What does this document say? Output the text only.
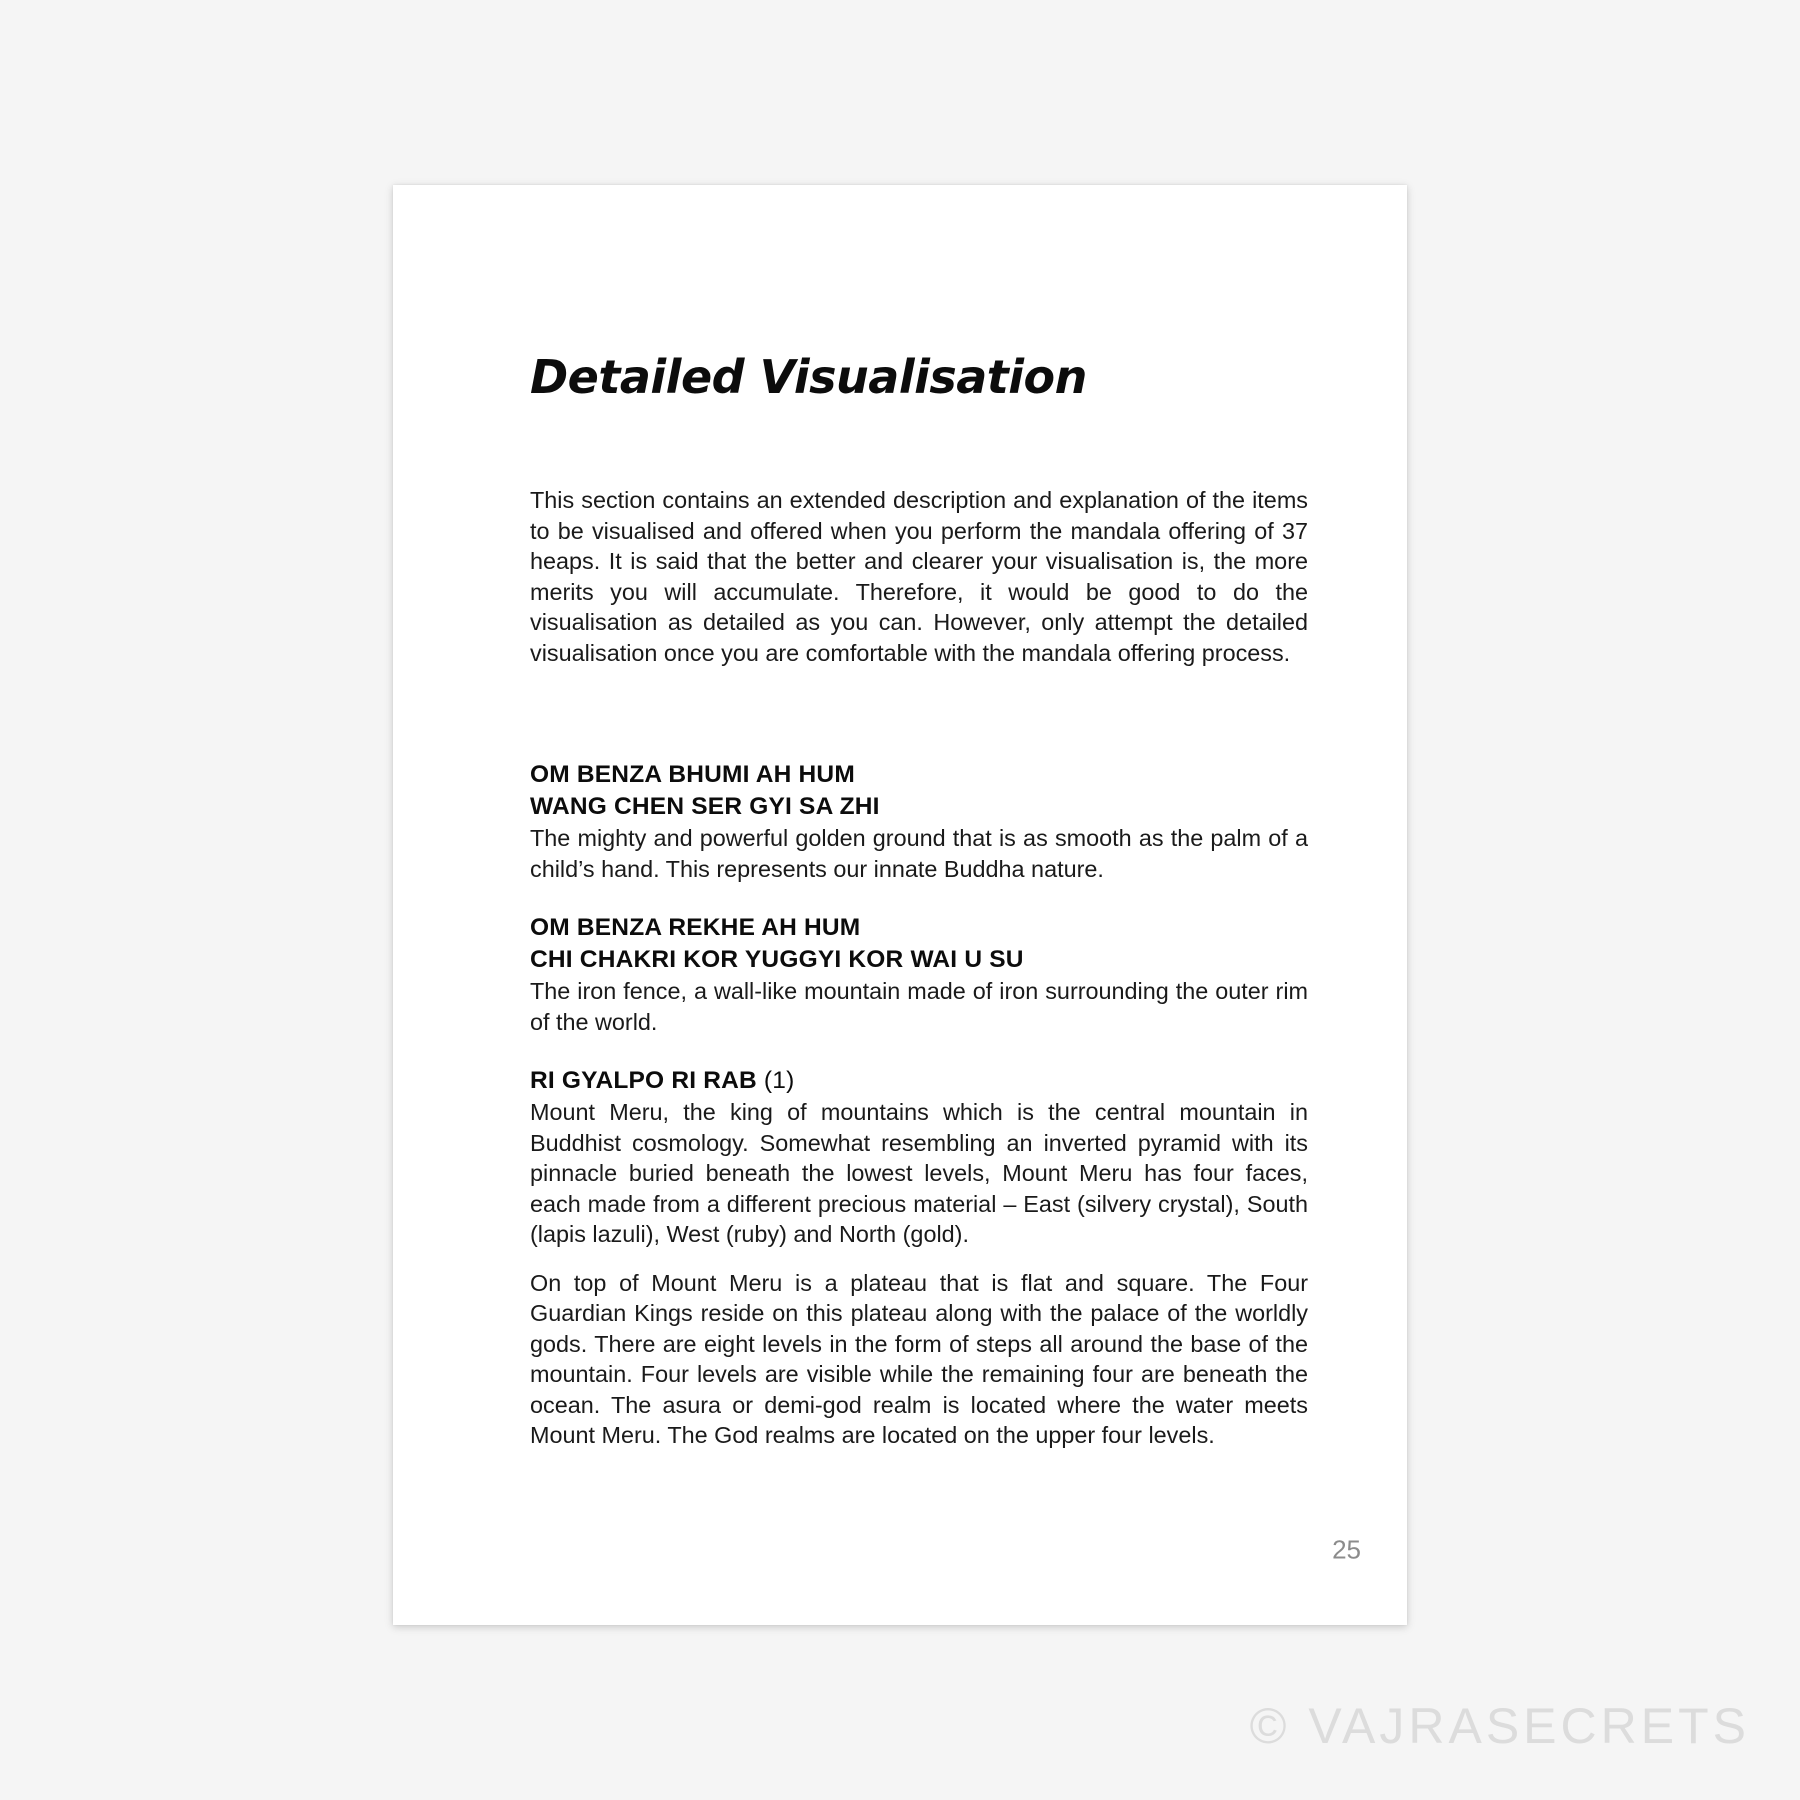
Detailed Visualisation

This section contains an extended description and explanation of the items to be visualised and offered when you perform the mandala offering of 37 heaps. It is said that the better and clearer your visualisation is, the more merits you will accumulate. Therefore, it would be good to do the visualisation as detailed as you can. However, only attempt the detailed visualisation once you are comfortable with the mandala offering process.

OM BENZA BHUMI AH HUM

WANG CHEN SER GYI SA ZHI

The mighty and powerful golden ground that is as smooth as the palm of a child’s hand. This represents our innate Buddha nature.

OM BENZA REKHE AH HUM

CHI CHAKRI KOR YUGGYI KOR WAI U SU

The iron fence, a wall-like mountain made of iron surrounding the outer rim of the world.

RI GYALPO RI RAB (1)

Mount Meru, the king of mountains which is the central mountain in Buddhist cosmology. Somewhat resembling an inverted pyramid with its pinnacle buried beneath the lowest levels, Mount Meru has four faces, each made from a different precious material – East (silvery crystal), South (lapis lazuli), West (ruby) and North (gold).

On top of Mount Meru is a plateau that is flat and square. The Four Guardian Kings reside on this plateau along with the palace of the worldly gods. There are eight levels in the form of steps all around the base of the mountain. Four levels are visible while the remaining four are beneath the ocean. The asura or demi-god realm is located where the water meets Mount Meru. The God realms are located on the upper four levels.

25
© VAJRASECRETS
